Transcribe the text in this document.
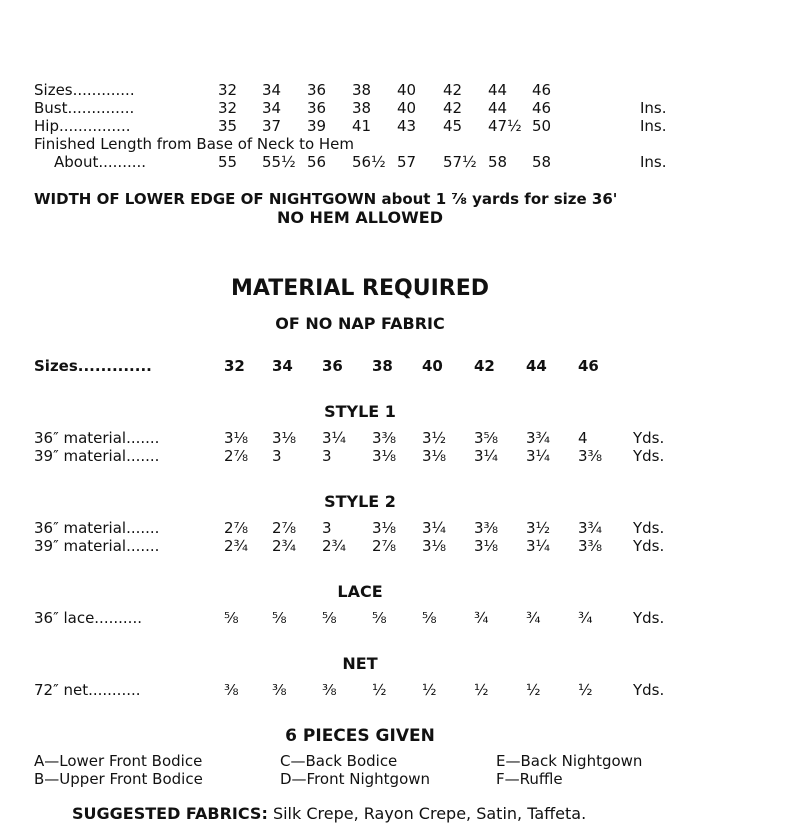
Sizes.............	32 34 36 38 40 42 44 46
Bust..............	32 34 36 38 40 42 44 46	Ins.
Hip...............	35 37 39 41 43 45 47½ 50	Ins.
Finished Length from Base of Neck to Hem
About..........	55 55½ 56 56½ 57 57½ 58 58	Ins.
WIDTH OF LOWER EDGE OF NIGHTGOWN about 1 ⅞ yards for size 36'
NO HEM ALLOWED
MATERIAL REQUIRED
OF NO NAP FABRIC
Sizes.............	32 34 36 38 40 42 44 46
STYLE 1
36″ material.......	3⅛ 3⅛ 3¼ 3⅜ 3½ 3⅝ 3¾ 4	Yds.
39″ material.......	2⅞ 3	3	3⅛ 3⅛ 3¼ 3¼ 3⅜ Yds.
STYLE 2
36″ material.......	2⅞ 2⅞ 3	3⅛ 3¼ 3⅜ 3½ 3¾ Yds.
39″ material.......	2¾ 2¾ 2¾ 2⅞ 3⅛ 3⅛ 3¼ 3⅜ Yds.
LACE
36″ lace..........	⅝ ⅝ ⅝ ⅝ ⅝ ¾ ¾ ¾	Yds.
NET
72″ net...........	⅜ ⅜ ⅜ ½ ½ ½ ½ ½	Yds.
6 PIECES GIVEN
A—Lower Front Bodice
B—Upper Front Bodice
C—Back Bodice
D—Front Nightgown
E—Back Nightgown
F—Ruffle
SUGGESTED FABRICS: Silk Crepe, Rayon Crepe, Satin, Taffeta.
